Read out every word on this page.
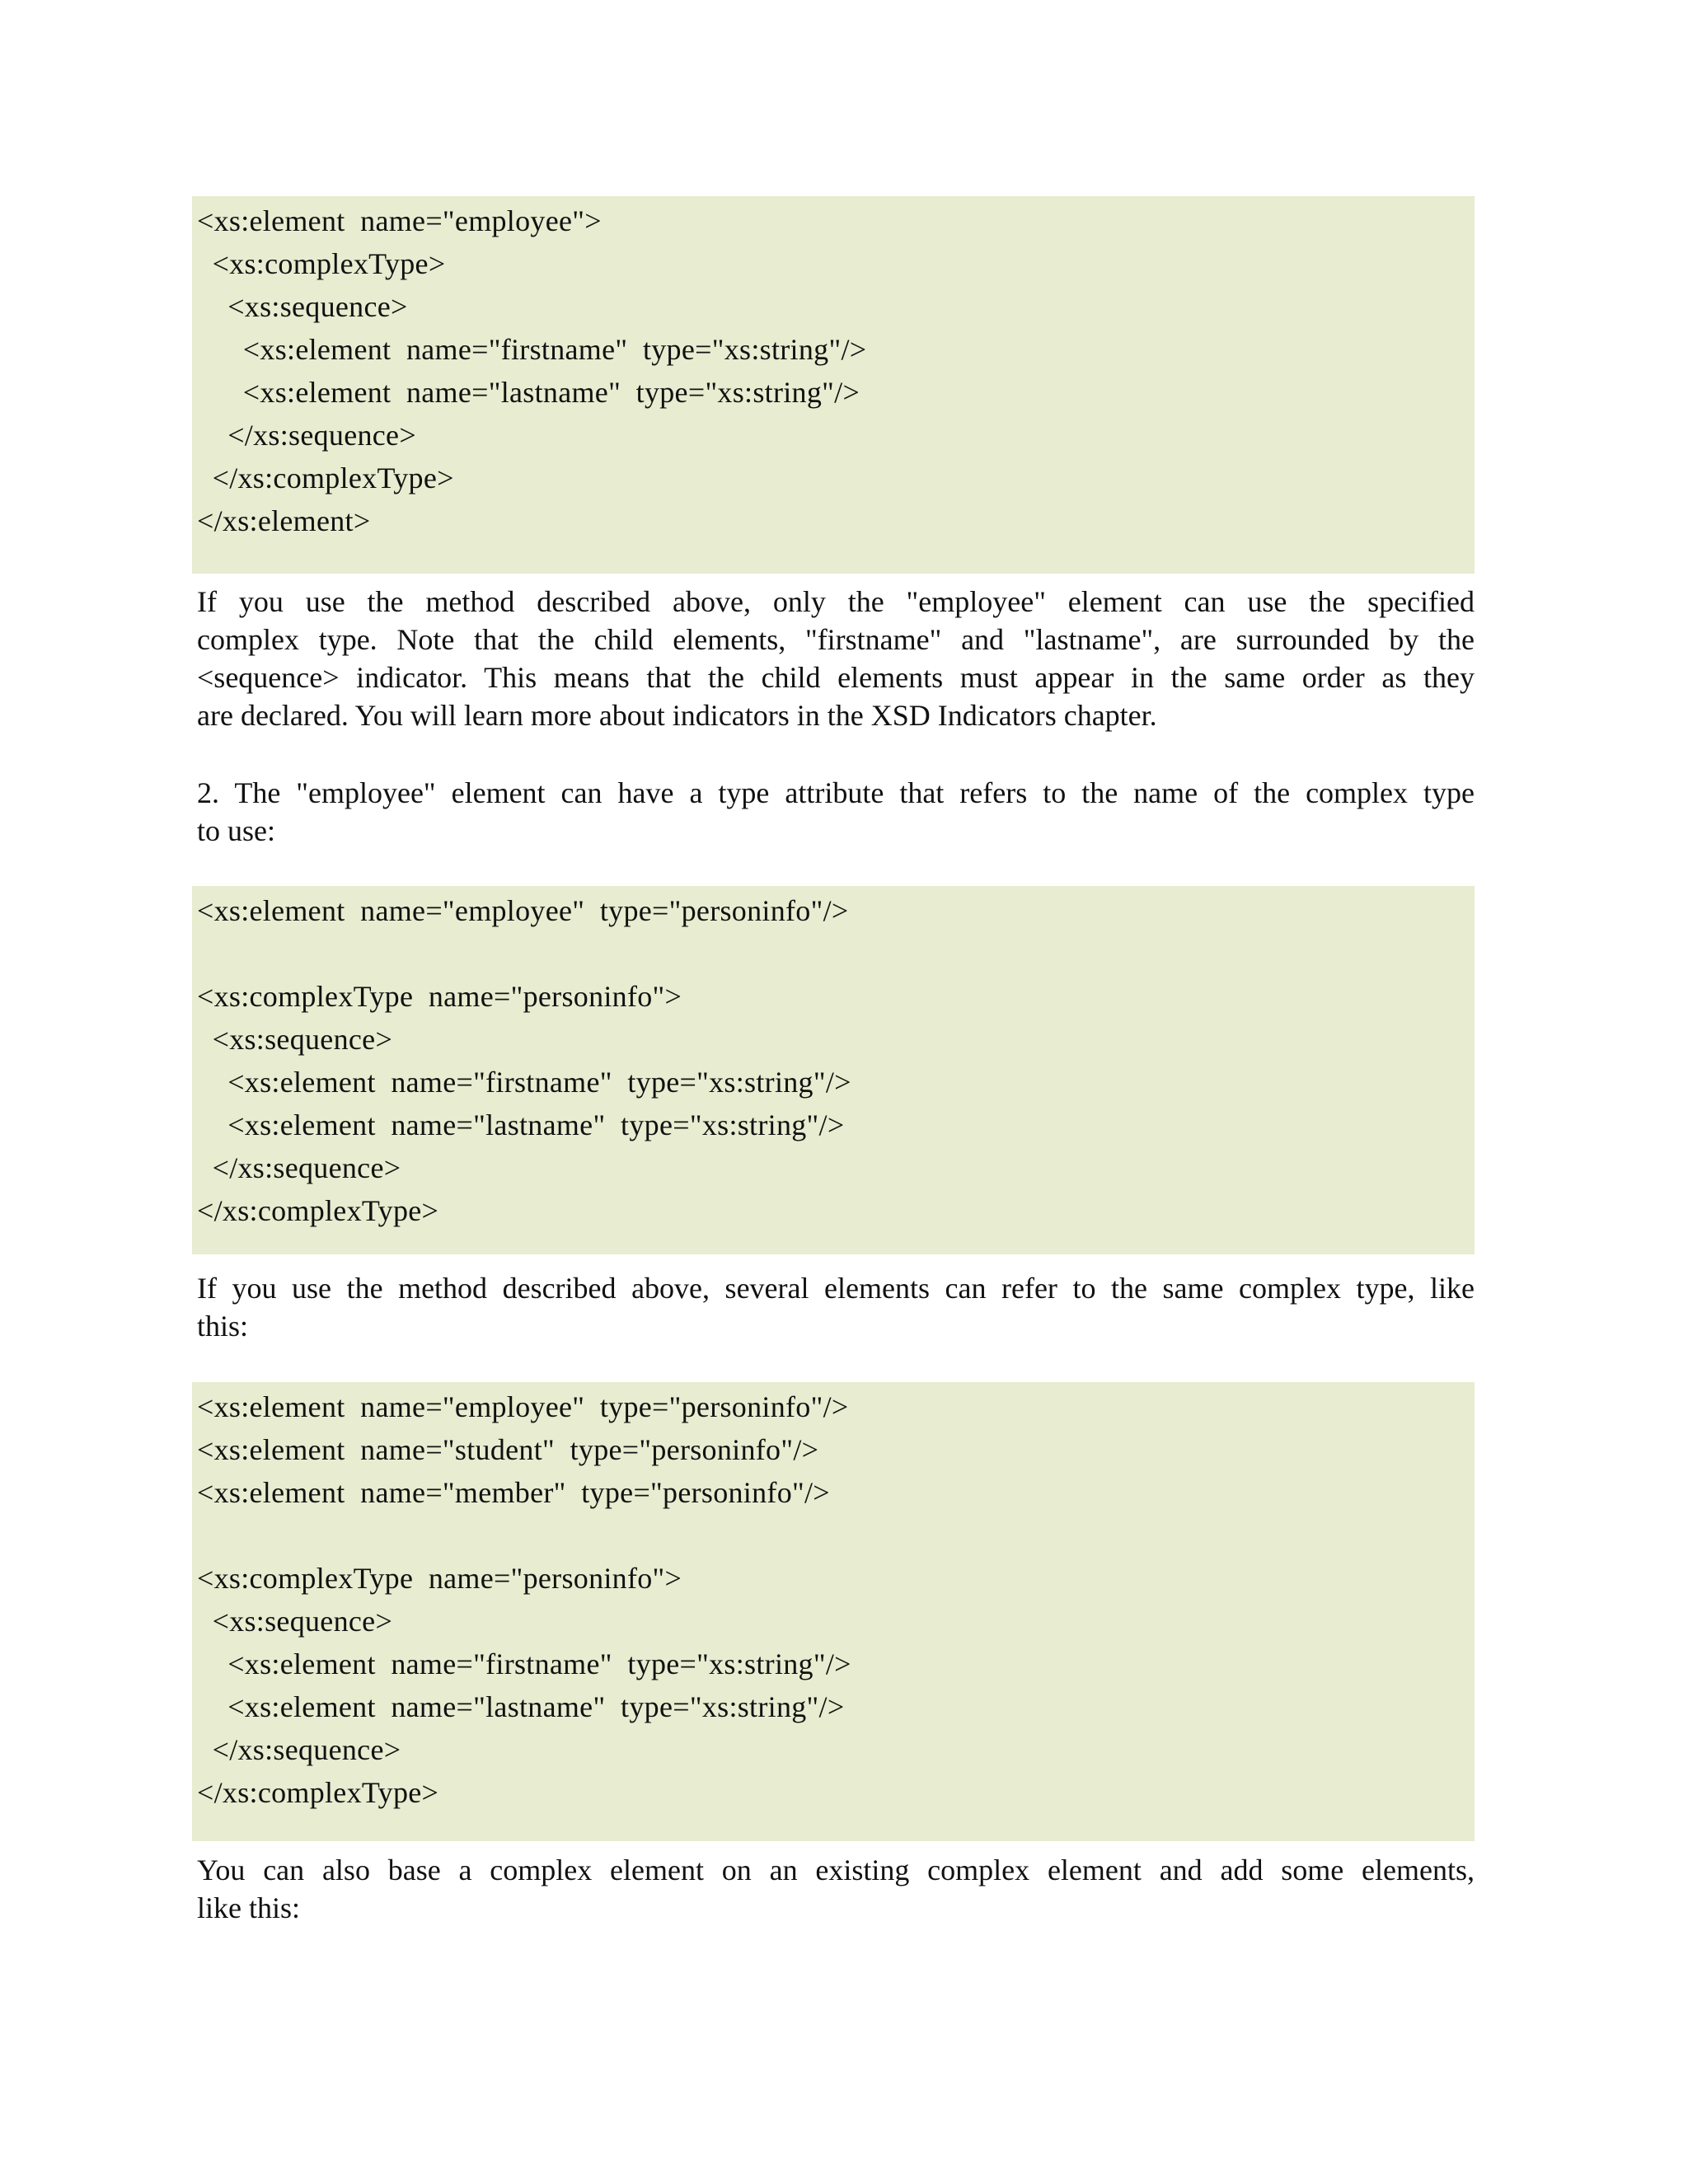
<xs:element  name="employee">
<xs:complexType>
<xs:sequence>
<xs:element  name="firstname"  type="xs:string"/>
<xs:element  name="lastname"  type="xs:string"/>
</xs:sequence>
</xs:complexType>
</xs:element>

If you use the method described above, only the "employee" element can use the specified
complex type. Note that the child elements, "firstname" and "lastname", are surrounded by the
<sequence> indicator. This means that the child elements must appear in the same order as they
are declared. You will learn more about indicators in the XSD Indicators chapter.

2. The "employee" element can have a type attribute that refers to the name of the complex type
to use:

<xs:element  name="employee"  type="personinfo"/>
<xs:complexType  name="personinfo">
<xs:sequence>
<xs:element  name="firstname"  type="xs:string"/>
<xs:element  name="lastname"  type="xs:string"/>
</xs:sequence>
</xs:complexType>

If you use the method described above, several elements can refer to the same complex type, like
this:

<xs:element  name="employee"  type="personinfo"/>
<xs:element  name="student"  type="personinfo"/>
<xs:element  name="member"  type="personinfo"/>
<xs:complexType  name="personinfo">
<xs:sequence>
<xs:element  name="firstname"  type="xs:string"/>
<xs:element  name="lastname"  type="xs:string"/>
</xs:sequence>
</xs:complexType>

You can also base a complex element on an existing complex element and add some elements,
like this:
